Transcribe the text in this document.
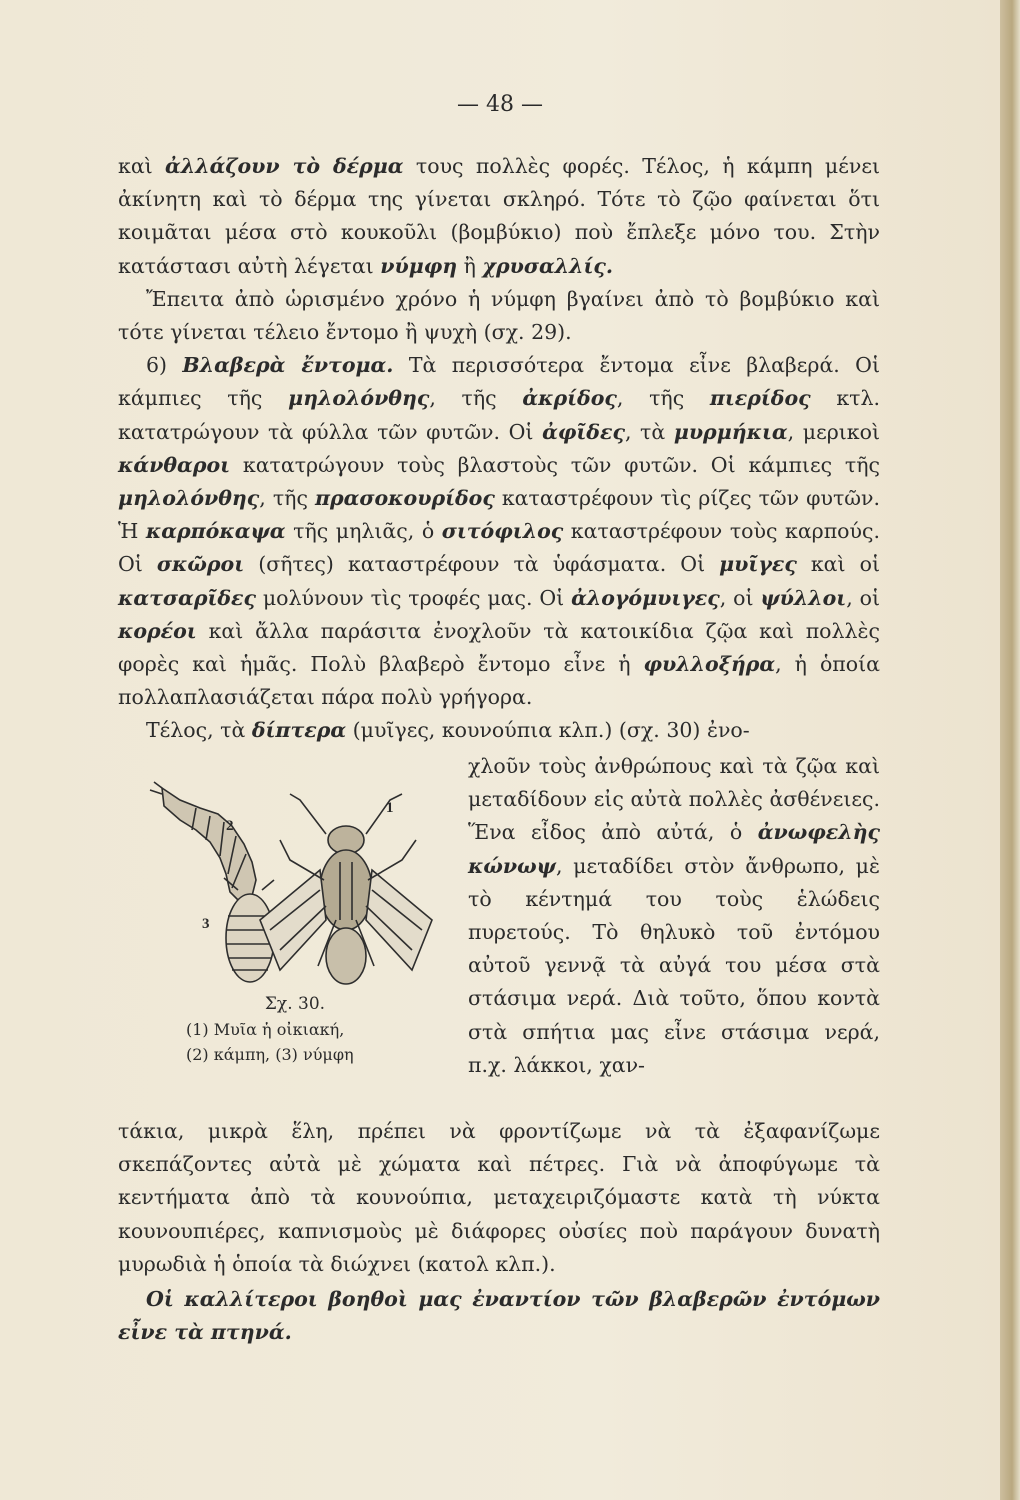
— 48 —

καὶ ἀλλάζουν τὸ δέρμα τους πολλὲς φορές. Τέλος, ἡ κάμπη μένει ἀκίνητη καὶ τὸ δέρμα της γίνεται σκληρό. Τότε τὸ ζῷο φαίνεται ὅτι κοιμᾶται μέσα στὸ κουκοῦλι (βομβύκιο) ποὺ ἔπλεξε μόνο του. Στὴν κατάστασι αὐτὴ λέγεται νύμφη ἢ χρυσαλλίς.

Ἔπειτα ἀπὸ ὡρισμένο χρόνο ἡ νύμφη βγαίνει ἀπὸ τὸ βομβύκιο καὶ τότε γίνεται τέλειο ἔντομο ἢ ψυχὴ (σχ. 29).

6) Βλαβερὰ ἔντομα. Τὰ περισσότερα ἔντομα εἶνε βλαβερά. Οἱ κάμπιες τῆς μηλολόνθης, τῆς ἀκρίδος, τῆς πιερίδος κτλ. κατατρώγουν τὰ φύλλα τῶν φυτῶν. Οἱ ἀφῖδες, τὰ μυρμήκια, μερικοὶ κάνθαροι κατατρώγουν τοὺς βλαστοὺς τῶν φυτῶν. Οἱ κάμπιες τῆς μηλολόνθης, τῆς πρασοκουρίδος καταστρέφουν τὶς ρίζες τῶν φυτῶν. Ἡ καρπόκαψα τῆς μηλιᾶς, ὁ σιτόφιλος καταστρέφουν τοὺς καρπούς. Οἱ σκῶροι (σῆτες) καταστρέφουν τὰ ὑφάσματα. Οἱ μυῖγες καὶ οἱ κατσαρῖδες μολύνουν τὶς τροφές μας. Οἱ ἀλογόμυιγες, οἱ ψύλλοι, οἱ κορέοι καὶ ἄλλα παράσιτα ἐνοχλοῦν τὰ κατοικίδια ζῷα καὶ πολλὲς φορὲς καὶ ἡμᾶς. Πολὺ βλαβερὸ ἔντομο εἶνε ἡ φυλλοξήρα, ἡ ὁποία πολλαπλασιάζεται πάρα πολὺ γρήγορα.

Τέλος, τὰ δίπτερα (μυῖγες, κουνούπια κλπ.) (σχ. 30) ἐνο-

2
3
1
Σχ. 30.
(1) Μυῖα ἡ οἰκιακή,
(2) κάμπη, (3) νύμφη

χλοῦν τοὺς ἀνθρώπους καὶ τὰ ζῷα καὶ μεταδίδουν εἰς αὐτὰ πολλὲς ἀσθένειες. Ἕνα εἶδος ἀπὸ αὐτά, ὁ ἀνωφελὴς κώνωψ, μεταδίδει στὸν ἄνθρωπο, μὲ τὸ κέντημά του τοὺς ἑλώδεις πυρετούς. Τὸ θηλυκὸ τοῦ ἐντόμου αὐτοῦ γεννᾷ τὰ αὐγά του μέσα στὰ στάσιμα νερά. Διὰ τοῦτο, ὅπου κοντὰ στὰ σπήτια μας εἶνε στάσιμα νερά, π.χ. λάκκοι, χαν-

τάκια, μικρὰ ἕλη, πρέπει νὰ φροντίζωμε νὰ τὰ ἐξαφανίζωμε σκεπάζοντες αὐτὰ μὲ χώματα καὶ πέτρες. Γιὰ νὰ ἀποφύγωμε τὰ κεντήματα ἀπὸ τὰ κουνούπια, μεταχειριζόμαστε κατὰ τὴ νύκτα κουνουπιέρες, καπνισμοὺς μὲ διάφορες οὐσίες ποὺ παράγουν δυνατὴ μυρωδιὰ ἡ ὁποία τὰ διώχνει (κατολ κλπ.).

Οἱ καλλίτεροι βοηθοὶ μας ἐναντίον τῶν βλαβερῶν ἐντόμων εἶνε τὰ πτηνά.
